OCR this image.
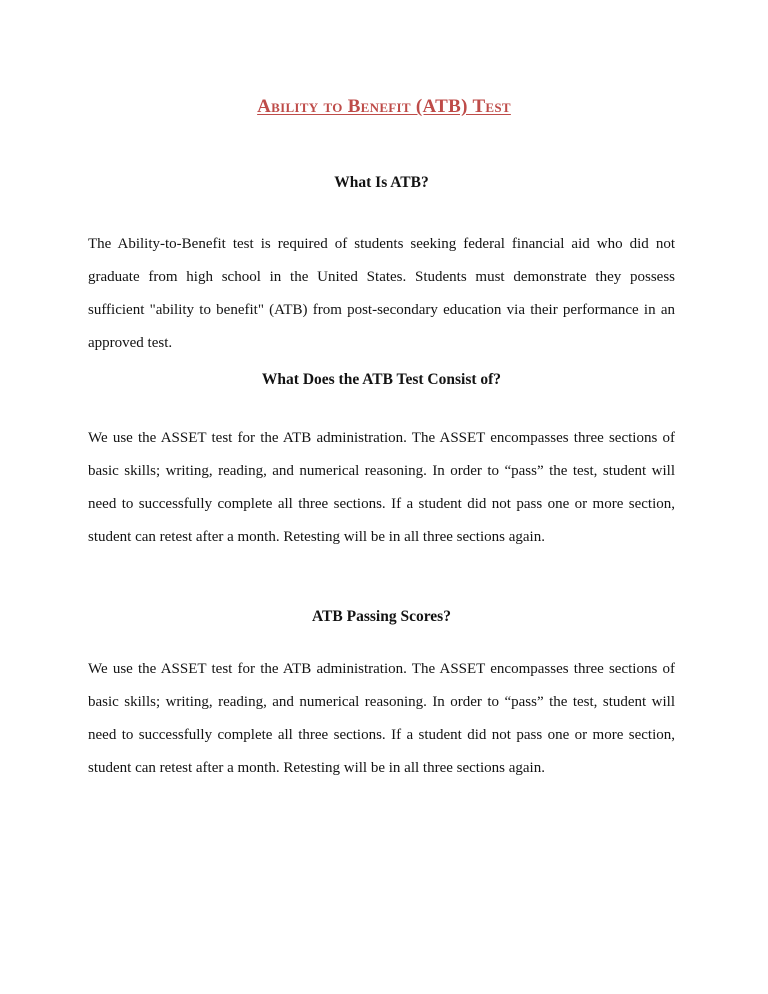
Ability to Benefit (ATB) Test
What Is ATB?

The Ability-to-Benefit test is required of students seeking federal financial aid who did not graduate from high school in the United States. Students must demonstrate they possess sufficient "ability to benefit" (ATB) from post-secondary education via their performance in an approved test.

What Does the ATB Test Consist of?

We use the ASSET test for the ATB administration. The ASSET encompasses three sections of basic skills; writing, reading, and numerical reasoning. In order to “pass” the test, student will need to successfully complete all three sections. If a student did not pass one or more section, student can retest after a month. Retesting will be in all three sections again.

ATB Passing Scores?

We use the ASSET test for the ATB administration. The ASSET encompasses three sections of basic skills; writing, reading, and numerical reasoning. In order to “pass” the test, student will need to successfully complete all three sections. If a student did not pass one or more section, student can retest after a month. Retesting will be in all three sections again.
